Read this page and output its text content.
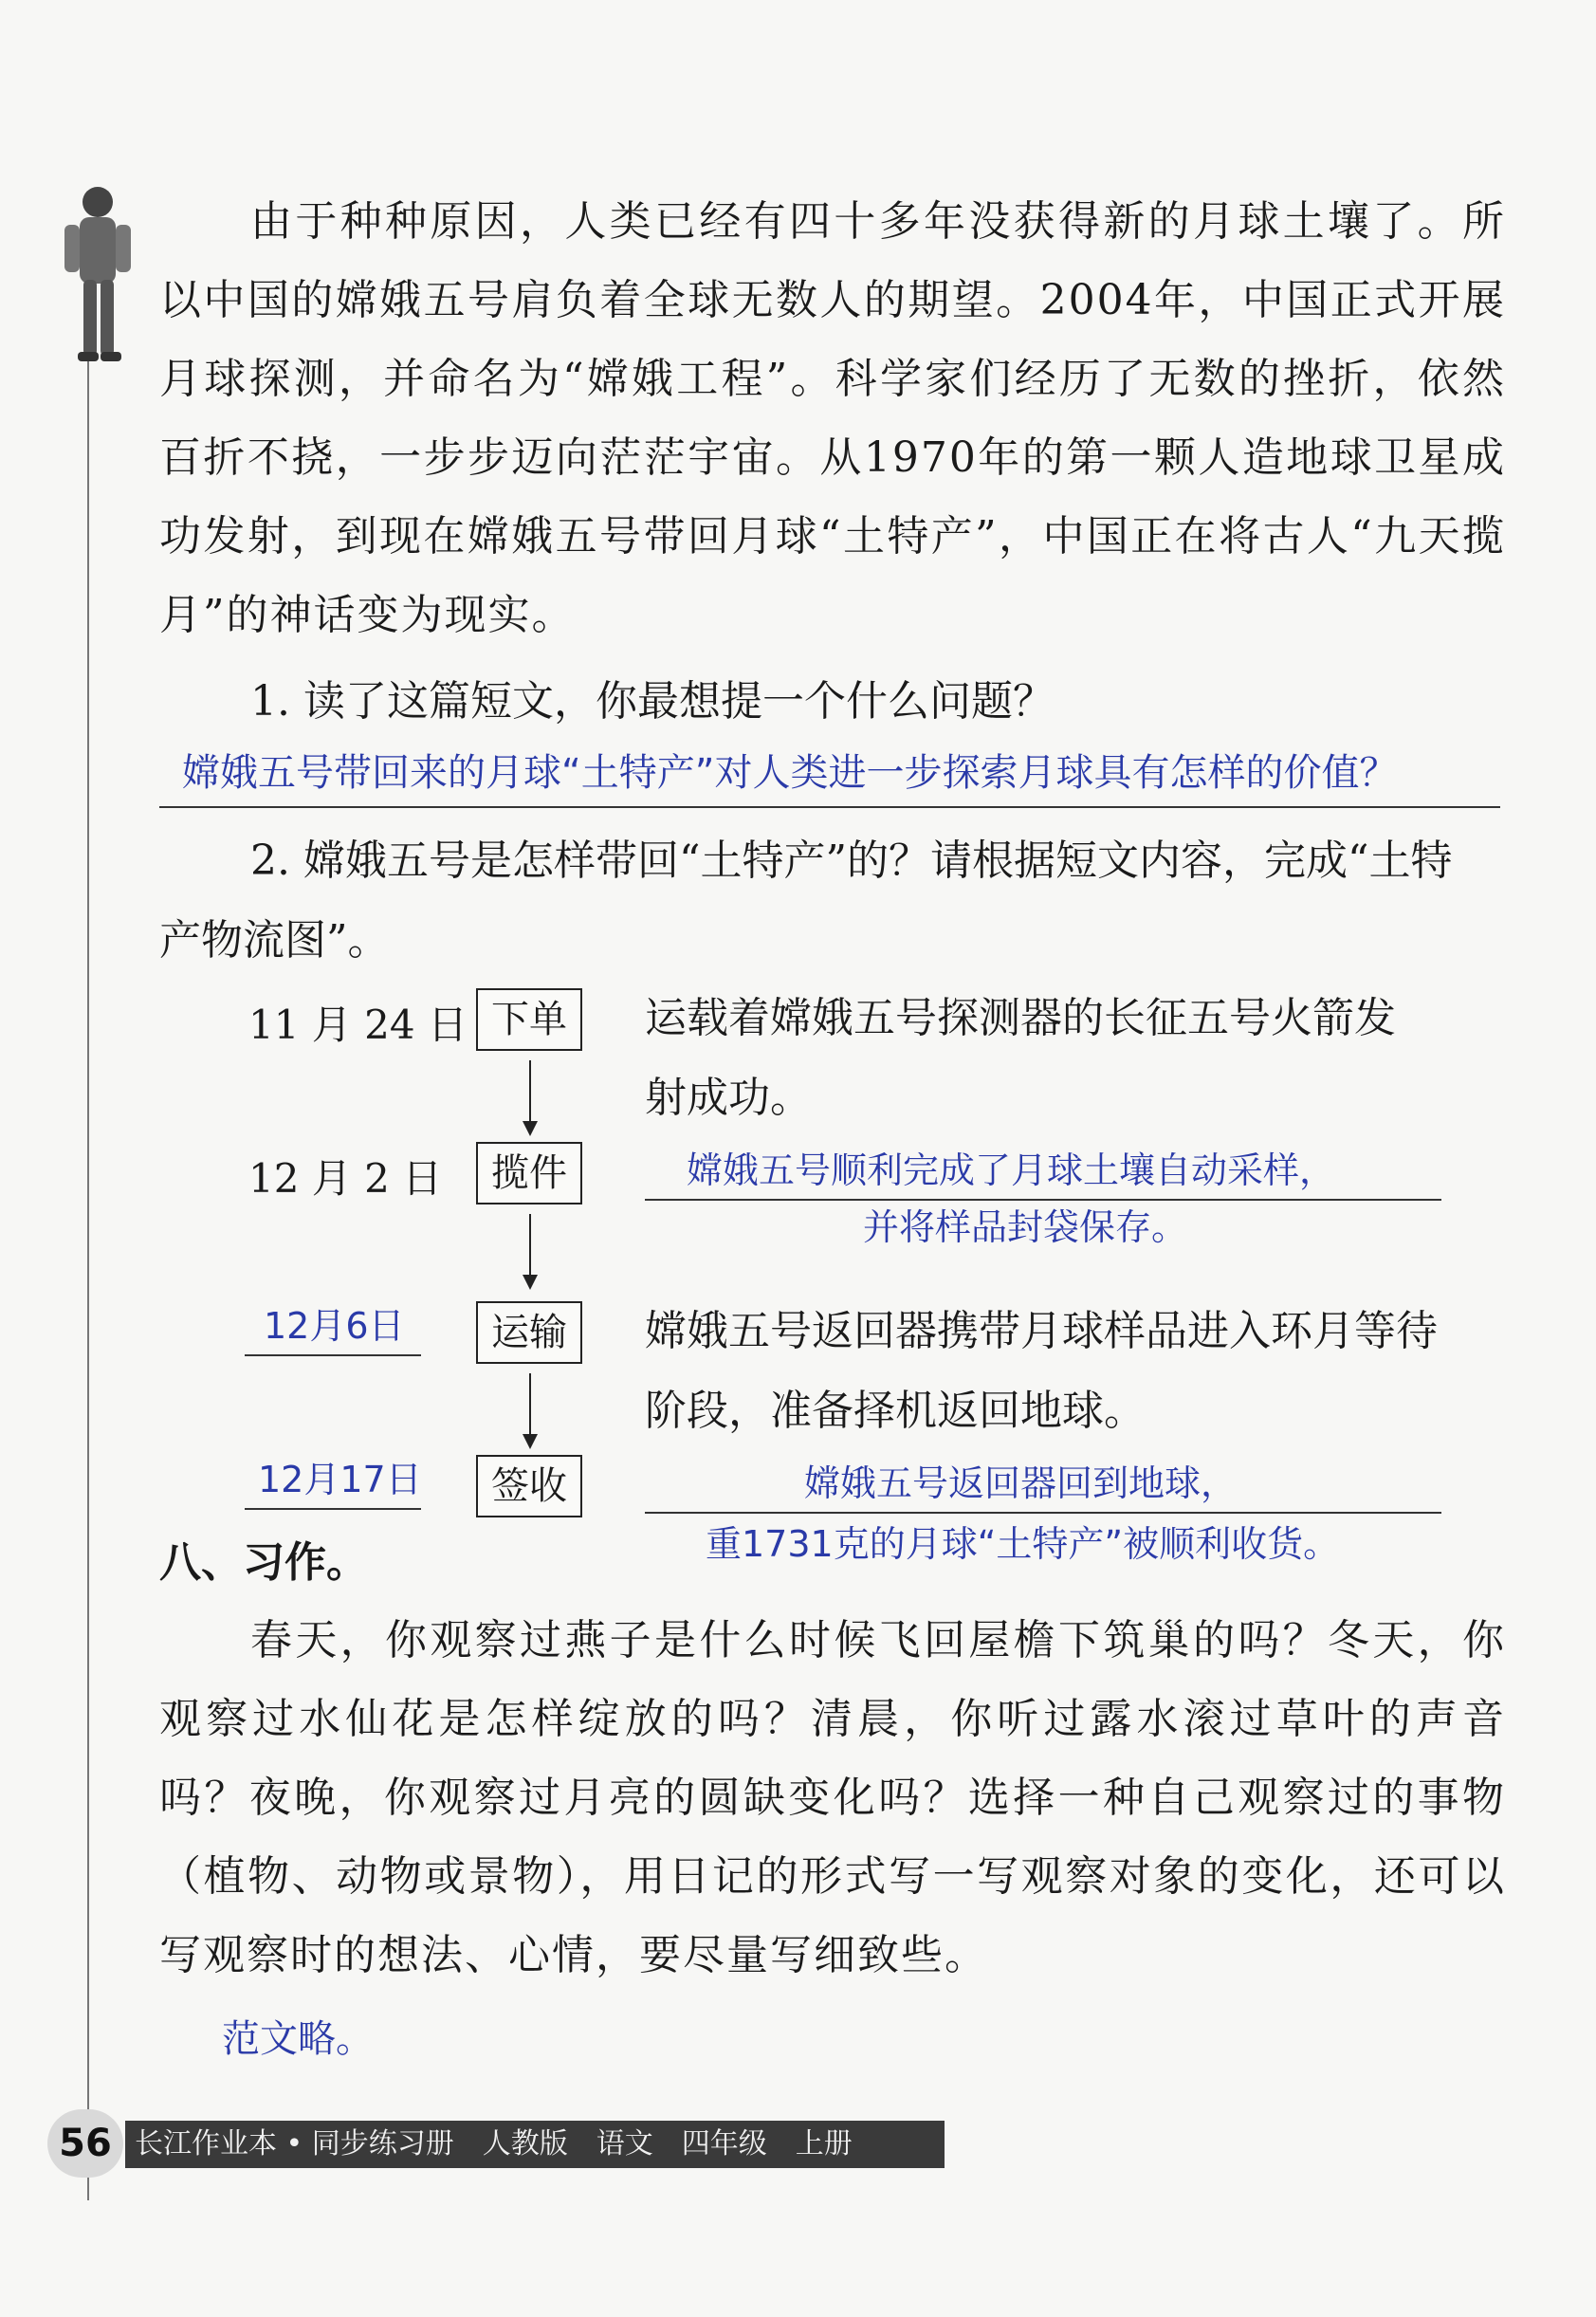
由于种种原因，人类已经有四十多年没获得新的月球土壤了。所以中国的嫦娥五号肩负着全球无数人的期望。2004年，中国正式开展月球探测，并命名为“嫦娥工程”。科学家们经历了无数的挫折，依然百折不挠，一步步迈向茫茫宇宙。从1970年的第一颗人造地球卫星成功发射，到现在嫦娥五号带回月球“土特产”，中国正在将古人“九天揽月”的神话变为现实。
1. 读了这篇短文，你最想提一个什么问题？
嫦娥五号带回来的月球“土特产”对人类进一步探索月球具有怎样的价值？
2. 嫦娥五号是怎样带回“土特产”的？请根据短文内容，完成“土特
产物流图”。
11 月 24 日 下单	运载着嫦娥五号探测器的长征五号火箭发
射成功。
12 月 2 日	揽件	嫦娥五号顺利完成了月球土壤自动采样，
并将样品封袋保存。
12月6日	运输	嫦娥五号返回器携带月球样品进入环月等待
阶段，准备择机返回地球。
12月17日	签收	嫦娥五号返回器回到地球，
重1731克的月球“土特产”被顺利收货。
八、习作。
春天，你观察过燕子是什么时候飞回屋檐下筑巢的吗？冬天，你观察过水仙花是怎样绽放的吗？清晨，你听过露水滚过草叶的声音吗？夜晚，你观察过月亮的圆缺变化吗？选择一种自己观察过的事物（植物、动物或景物），用日记的形式写一写观察对象的变化，还可以写观察时的想法、心情，要尽量写细致些。
范文略。
56 长江作业本 • 同步练习册　人教版　语文　四年级　上册
